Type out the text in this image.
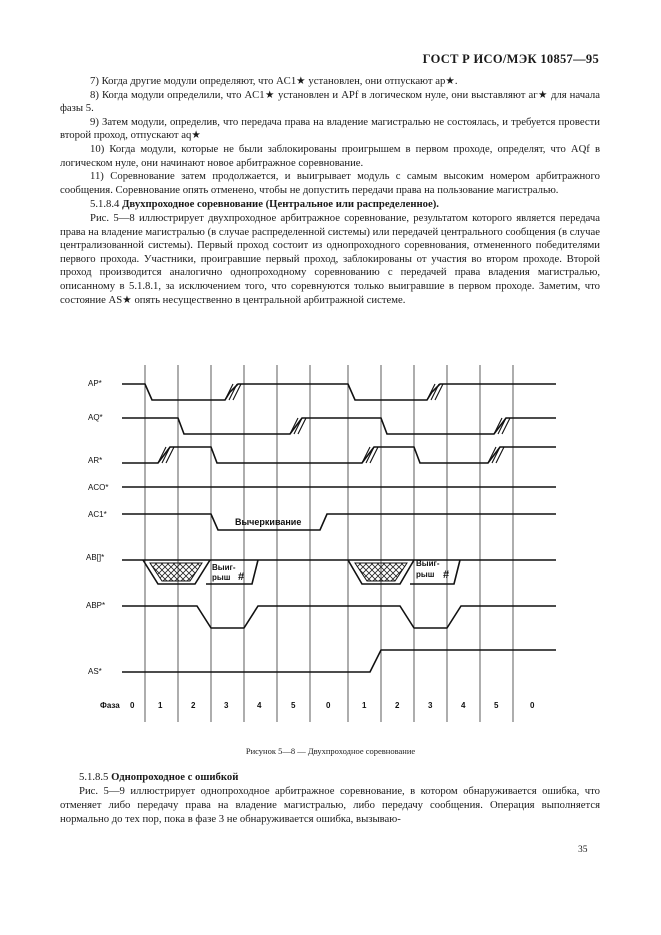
ГОСТ Р ИСО/МЭК 10857—95

7) Когда другие модули определяют, что AC1★ установлен, они отпускают ар★.

8) Когда модули определили, что AC1★ установлен и АРf в логическом нуле, они выставляют аг★ для начала фазы 5.

9) Затем модули, определив, что передача права на владение магистралью не состоялась, и требуется провести второй проход, отпускают aq★

10) Когда модули, которые не были заблокированы проигрышем в первом проходе, определят, что AQf в логическом нуле, они начинают новое арбитражное соревнование.

11) Соревнование затем продолжается, и выигрывает модуль с самым высоким номером арбитражного сообщения. Соревнование опять отменено, чтобы не допустить передачи права на пользование магистралью.

5.1.8.4 Двухпроходное соревнование (Центральное или распределенное).

Рис. 5—8 иллюстрирует двухпроходное арбитражное соревнование, результатом которого является передача права на владение магистралью (в случае распределенной системы) или передачей центрального сообщения (в случае централизованной системы). Первый проход состоит из однопроходного соревнования, отмененного победителями первого прохода. Участники, проигравшие первый проход, заблокированы от участия во втором проходе. Второй проход производится аналогично однопроходному соревнованию с передачей права владения магистралью, описанному в 5.1.8.1, за исключением того, что соревнуются только выигравшие в первом проходе. Заметим, что состояние AS★ опять несущественно в центральной арбитражной системе.

AP*
AQ*
AR*
ACO*
AC1*
AB[]*
ABP*
AS*
Вычеркивание
Выиг-
рыш #
Выиг-
рыш #
Фаза 0	1	2	3	4	5	0	1	2	3	4	5	0
Рисунок 5—8 — Двухпроходное соревнование

5.1.8.5 Однопроходное с ошибкой

Рис. 5—9 иллюстрирует однопроходное арбитражное соревнование, в котором обнаруживается ошибка, что отменяет либо передачу права на владение магистралью, либо передачу сообщения. Операция выполняется нормально до тех пор, пока в фазе 3 не обнаруживается ошибка, вызываю-

35
